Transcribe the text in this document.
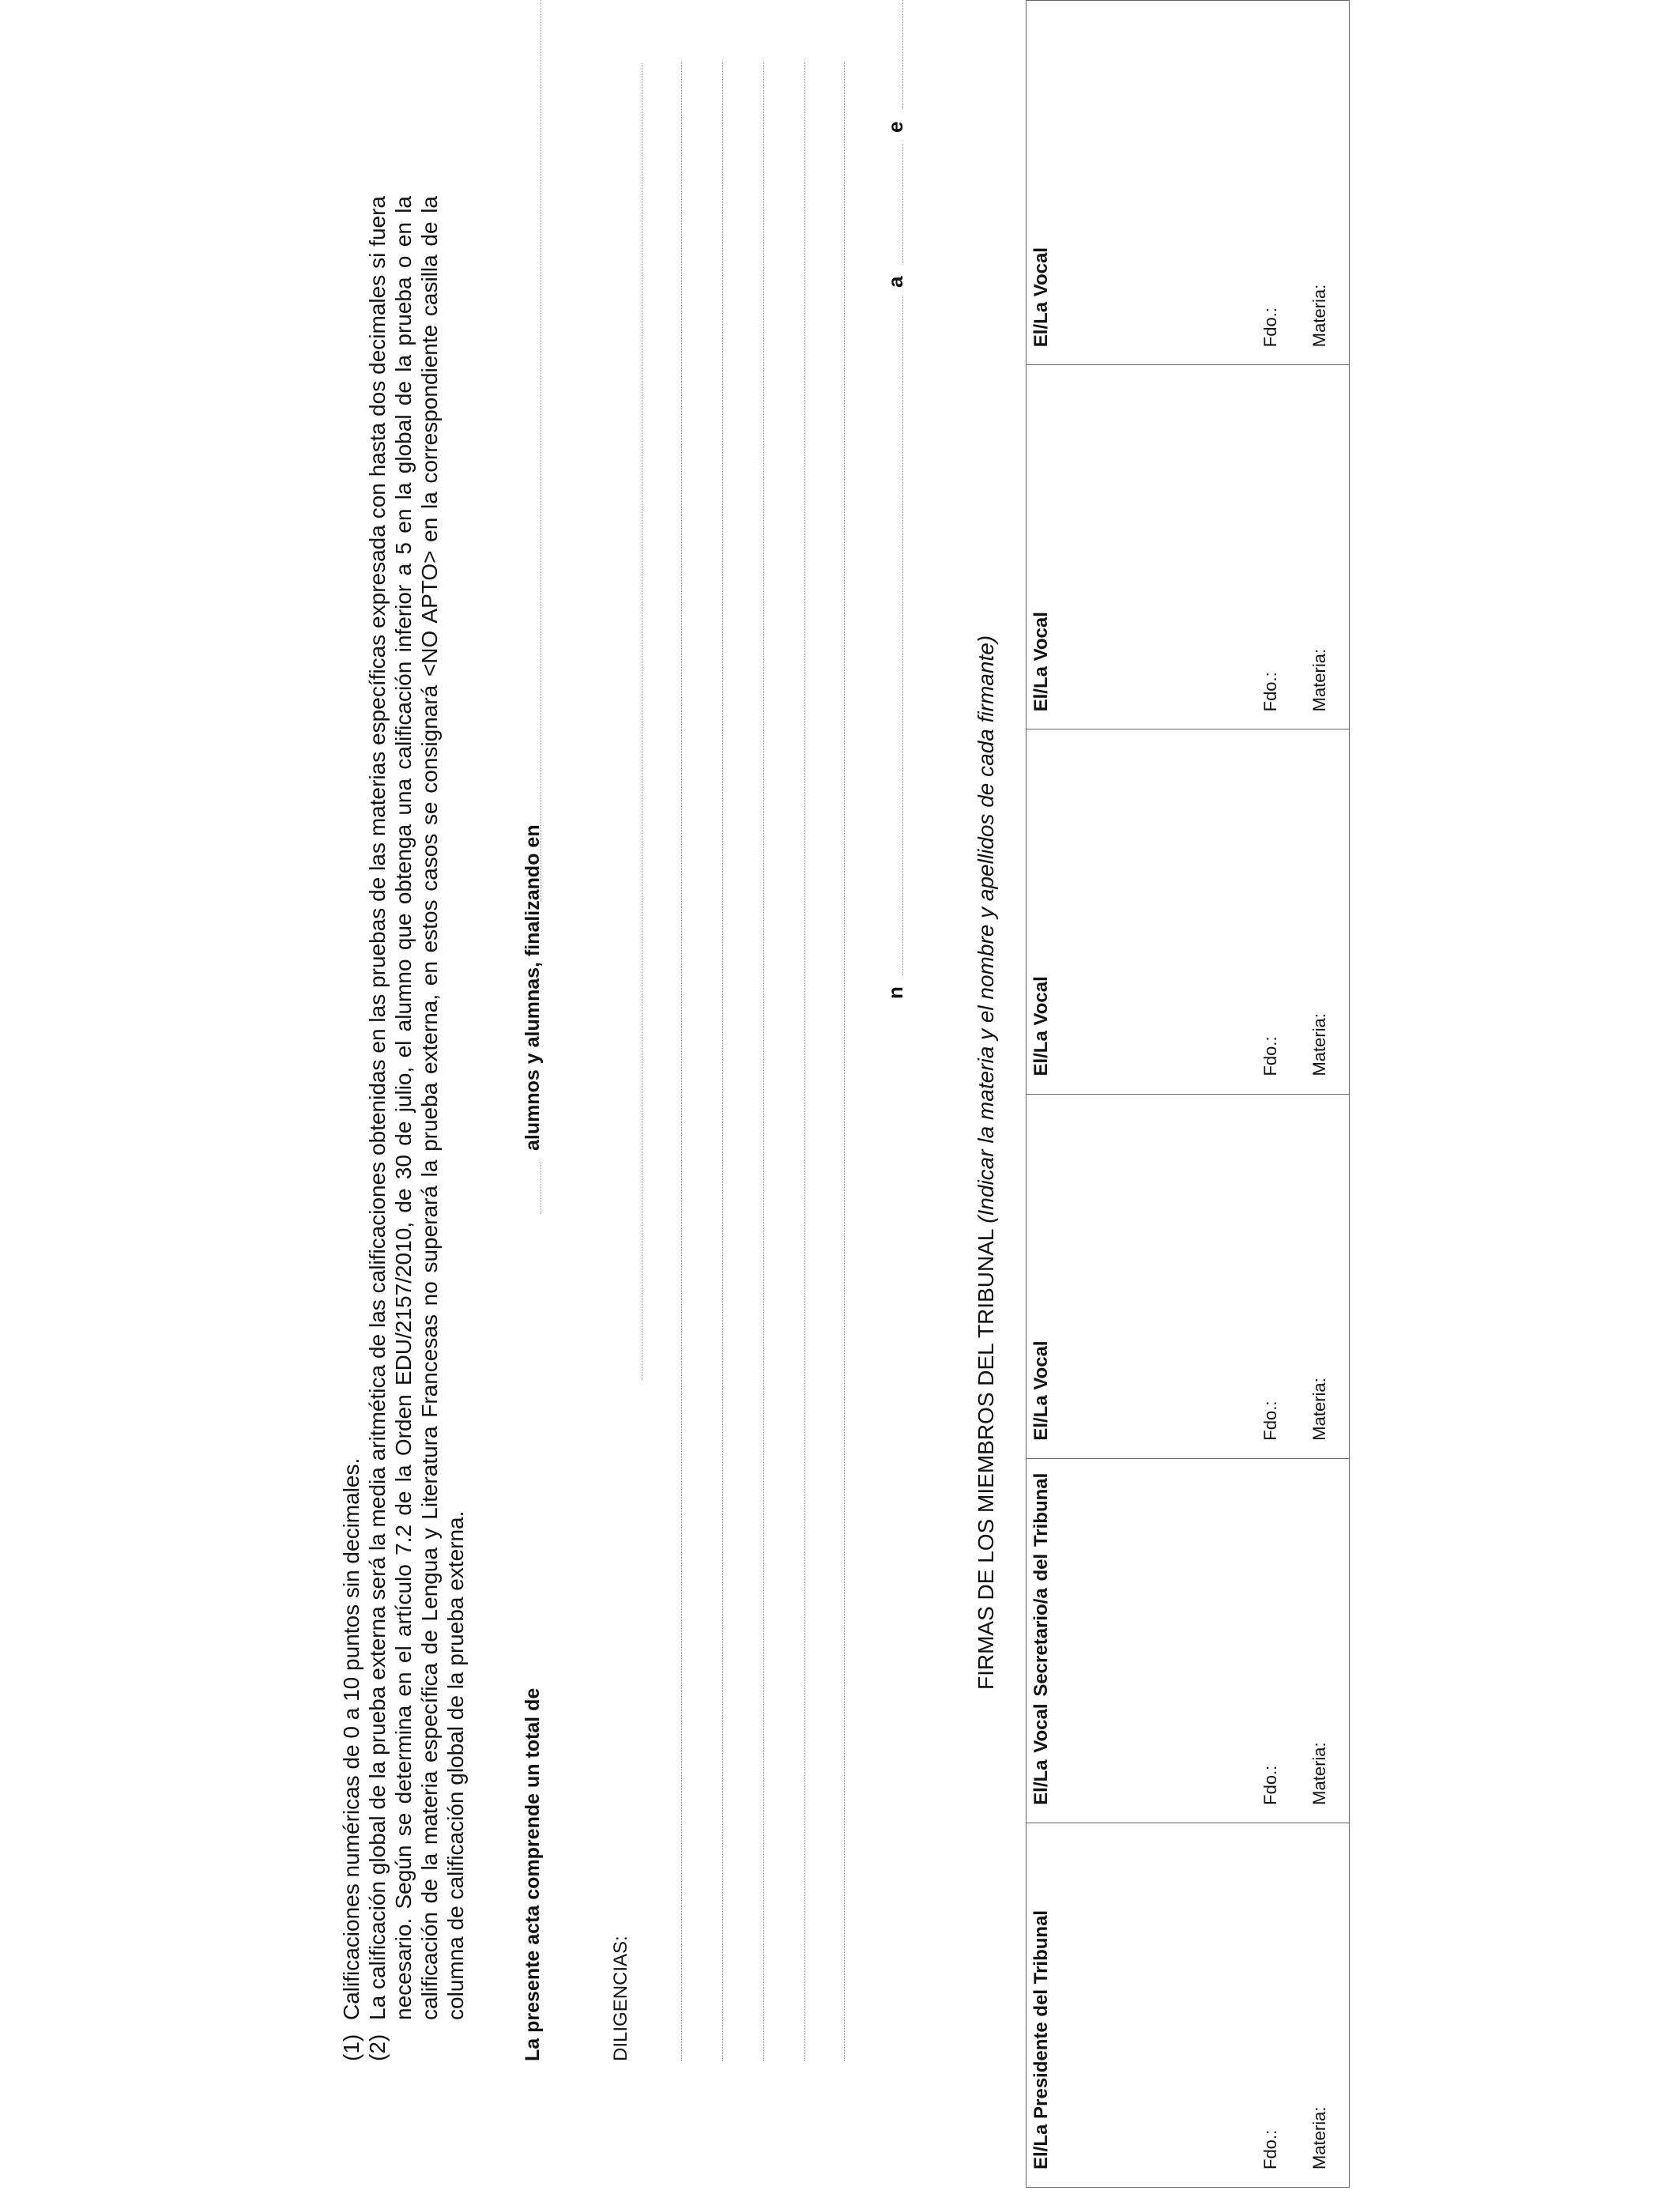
(1)
Calificaciones numéricas de 0 a 10 puntos sin decimales.
(2)
La calificación global de la prueba externa será la media aritmética de las calificaciones obtenidas en las pruebas de las materias específicas expresada con hasta dos decimales si fuera necesario. Según se determina en el artículo 7.2 de la Orden EDU/2157/2010, de 30 de julio, el alumno que obtenga una calificación inferior a 5 en la global de la prueba o en la calificación de la materia específica de Lengua y Literatura Francesas no superará la prueba externa, en estos casos se consignará <NO APTO> en la correspondiente casilla de la columna de calificación global de la prueba externa.	La presente acta comprende un total de
alumnos y alumnas, finalizando en
DILIGENCIAS:
n
a
e
FIRMAS DE LOS MIEMBROS DEL TRIBUNAL (Indicar la materia y el nombre y apellidos de cada firmante)
El/La Presidente del Tribunal	Fdo.: Materia:

El/La Vocal Secretario/a del Tribunal	Fdo.: Materia:

El/La Vocal	Fdo.: Materia:

El/La Vocal	Fdo.: Materia:

El/La Vocal	Fdo.: Materia:

El/La Vocal	Fdo.: Materia:
